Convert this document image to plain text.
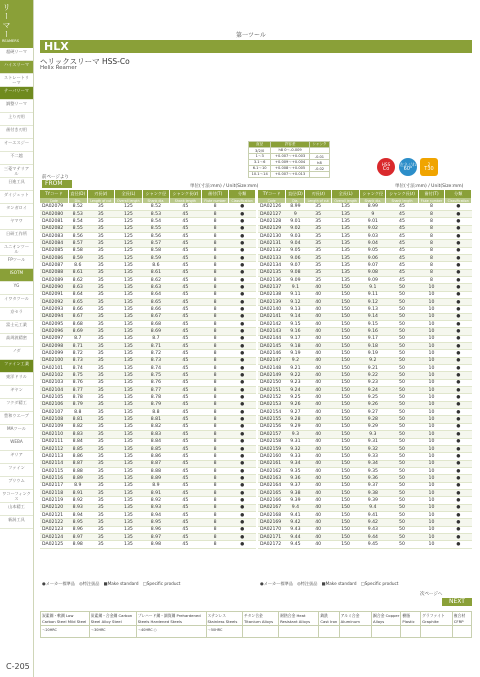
リーマー
REAMERS
超硬リーマ
ハイスリーマ
ストレートリーマ
テーパリーマ
調整リーマ
上り刃用
歯付き刃用
オーエスジー
不二越
三菱マテリアル
日進工具
ダイジェット
タンガロイ
ヤマワ
日研工作所
ユニオンツール
FPツール
ISOTM
YG
イワタツール
京セラ
富士元工業
高周波精密
ノダ
ファイン工業
東洋ドリル
ギヤン
フクダ精工
豊和ウエーブ
MAツール
WEBA
ギリア
ファイン
ブリウム
ワコーフィンクス
山本精工
新潟工具
C-205
第一ツール
HLX
ヘリックスリーマ HSS-Co
Helix Reamer
直径	許容差	シャンク
3/2/0	h8 0〜-0.009	
1〜3	+0.007〜+0.003	-0.01
3.1〜6	+0.009〜+0.004	h8
6.1〜10	+0.008〜+0.005	-0.02
10.1〜14	+0.007〜+0.013	
HSS
Co
左ネジれ
60°
2
T30
前ページより
FROM	単位(寸法:mm) / Unit(Size:mm)	単位(寸法:mm) / Unit(Size:mm)
TYコード	直径(D)	刃長(ℓ)	全長(L)	シャンク径	シャンク長(ℓ)	歯付(T)	分類
Code	Dia.	Length of cut	Overall length	Shank dia.	Shank length	Flute number	Classification
DA02079	8.52	35	125	8.52	45	8	●
DA02080	8.53	35	125	8.53	45	8	●
DA02081	8.54	35	125	8.54	45	8	●
DA02082	8.55	35	125	8.55	45	8	●
DA02083	8.56	35	125	8.56	45	8	●
DA02084	8.57	35	125	8.57	45	8	●
DA02085	8.58	35	125	8.58	45	8	●
DA02086	8.59	35	125	8.59	45	8	●
DA02087	8.6	35	135	8.6	45	8	●
DA02088	8.61	35	135	8.61	45	8	●
DA02089	8.62	35	135	8.62	45	8	●
DA02090	8.63	35	135	8.63	45	8	●
DA02091	8.64	35	135	8.64	45	8	●
DA02092	8.65	35	135	8.65	45	8	●
DA02093	8.66	35	135	8.66	45	8	●
DA02094	8.67	35	135	8.67	45	8	●
DA02095	8.68	35	135	8.68	45	8	●
DA02096	8.69	35	135	8.69	45	8	●
DA02097	8.7	35	135	8.7	45	8	●
DA02098	8.71	35	135	8.71	45	8	●
DA02099	8.72	35	135	8.72	45	8	●
DA02100	8.73	35	135	8.73	45	8	●
DA02101	8.74	35	135	8.74	45	8	●
DA02102	8.75	35	135	8.75	45	8	●
DA02103	8.76	35	135	8.76	45	8	●
DA02104	8.77	35	135	8.77	45	8	●
DA02105	8.78	35	135	8.78	45	8	●
DA02106	8.79	35	135	8.79	45	8	●
DA02107	8.8	35	135	8.8	45	8	●
DA02108	8.81	35	135	8.81	45	8	●
DA02109	8.82	35	135	8.82	45	8	●
DA02110	8.83	35	135	8.83	45	8	●
DA02111	8.84	35	135	8.84	45	8	●
DA02112	8.85	35	135	8.85	45	8	●
DA02113	8.86	35	135	8.86	45	8	●
DA02114	8.87	35	135	8.87	45	8	●
DA02115	8.88	35	135	8.88	45	8	●
DA02116	8.89	35	135	8.89	45	8	●
DA02117	8.9	35	135	8.9	45	8	●
DA02118	8.91	35	135	8.91	45	8	●
DA02119	8.92	35	135	8.92	45	8	●
DA02120	8.93	35	135	8.93	45	8	●
DA02121	8.94	35	135	8.94	45	8	●
DA02122	8.95	35	135	8.95	45	8	●
DA02123	8.96	35	135	8.96	45	8	●
DA02124	8.97	35	135	8.97	45	8	●
DA02125	8.98	35	135	8.98	45	8	●
TYコード	直径(D)	刃長(ℓ)	全長(L)	シャンク径	シャンク長(ℓ)	歯付(T)	分類
Code	Dia.	Length of cut	Overall length	Shank dia.	Shank length	Flute number	Classification
DA02126	8.99	35	135	8.99	45	8	●
DA02127	9	35	135	9	45	8	●
DA02128	9.01	35	135	9.01	45	8	●
DA02129	9.02	35	135	9.02	45	8	●
DA02130	9.03	35	135	9.03	45	8	●
DA02131	9.04	35	135	9.04	45	8	●
DA02132	9.05	35	135	9.05	45	8	●
DA02133	9.06	35	135	9.06	45	8	●
DA02134	9.07	35	135	9.07	45	8	●
DA02135	9.08	35	135	9.08	45	8	●
DA02136	9.09	35	135	9.09	45	8	●
DA02137	9.1	40	150	9.1	50	10	●
DA02138	9.11	40	150	9.11	50	10	●
DA02139	9.12	40	150	9.12	50	10	●
DA02140	9.13	40	150	9.13	50	10	●
DA02141	9.14	40	150	9.14	50	10	●
DA02142	9.15	40	150	9.15	50	10	●
DA02143	9.16	40	150	9.16	50	10	●
DA02144	9.17	40	150	9.17	50	10	●
DA02145	9.18	40	150	9.18	50	10	●
DA02146	9.19	40	150	9.19	50	10	●
DA02147	9.2	40	150	9.2	50	10	●
DA02148	9.21	40	150	9.21	50	10	●
DA02149	9.22	40	150	9.22	50	10	●
DA02150	9.23	40	150	9.23	50	10	●
DA02151	9.24	40	150	9.24	50	10	●
DA02152	9.25	40	150	9.25	50	10	●
DA02153	9.26	40	150	9.26	50	10	●
DA02154	9.27	40	150	9.27	50	10	●
DA02155	9.28	40	150	9.28	50	10	●
DA02156	9.29	40	150	9.29	50	10	●
DA02157	9.3	40	150	9.3	50	10	●
DA02158	9.31	40	150	9.31	50	10	●
DA02159	9.32	40	150	9.32	50	10	●
DA02160	9.33	40	150	9.33	50	10	●
DA02161	9.34	40	150	9.34	50	10	●
DA02162	9.35	40	150	9.35	50	10	●
DA02163	9.36	40	150	9.36	50	10	●
DA02164	9.37	40	150	9.37	50	10	●
DA02165	9.38	40	150	9.38	50	10	●
DA02166	9.39	40	150	9.39	50	10	●
DA02167	9.4	40	150	9.4	50	10	●
DA02168	9.41	40	150	9.41	50	10	●
DA02169	9.42	40	150	9.42	50	10	●
DA02170	9.43	40	150	9.43	50	10	●
DA02171	9.44	40	150	9.44	50	10	●
DA02172	9.45	40	150	9.45	50	10	●
●メーカー標準品　◎特注扱品　■Make standard　□Specific product	●メーカー標準品　◎特注扱品　■Make standard　□Specific product
次ページへ
NEXT
炭素鋼・軟鋼 Low Carbon Steel Mild Steel	炭素鋼・合金鋼 Carbon Steel Alloy Steel	プレハード鋼・調質鋼 Prehardened Steels Hardened Steels	ステンレス Stainless Steels	チタン合金 Titanium Alloys	耐熱合金 Heat Resistant Alloys	鋳鉄 Cast Iron	アルミ合金 Aluminum	銅合金 Copper Alloys	樹脂 Plastic	グラファイト Graphite	複合材 CFRP
〜20HRC	〜30HRC	〜40HRC ○	〜50HRC								
